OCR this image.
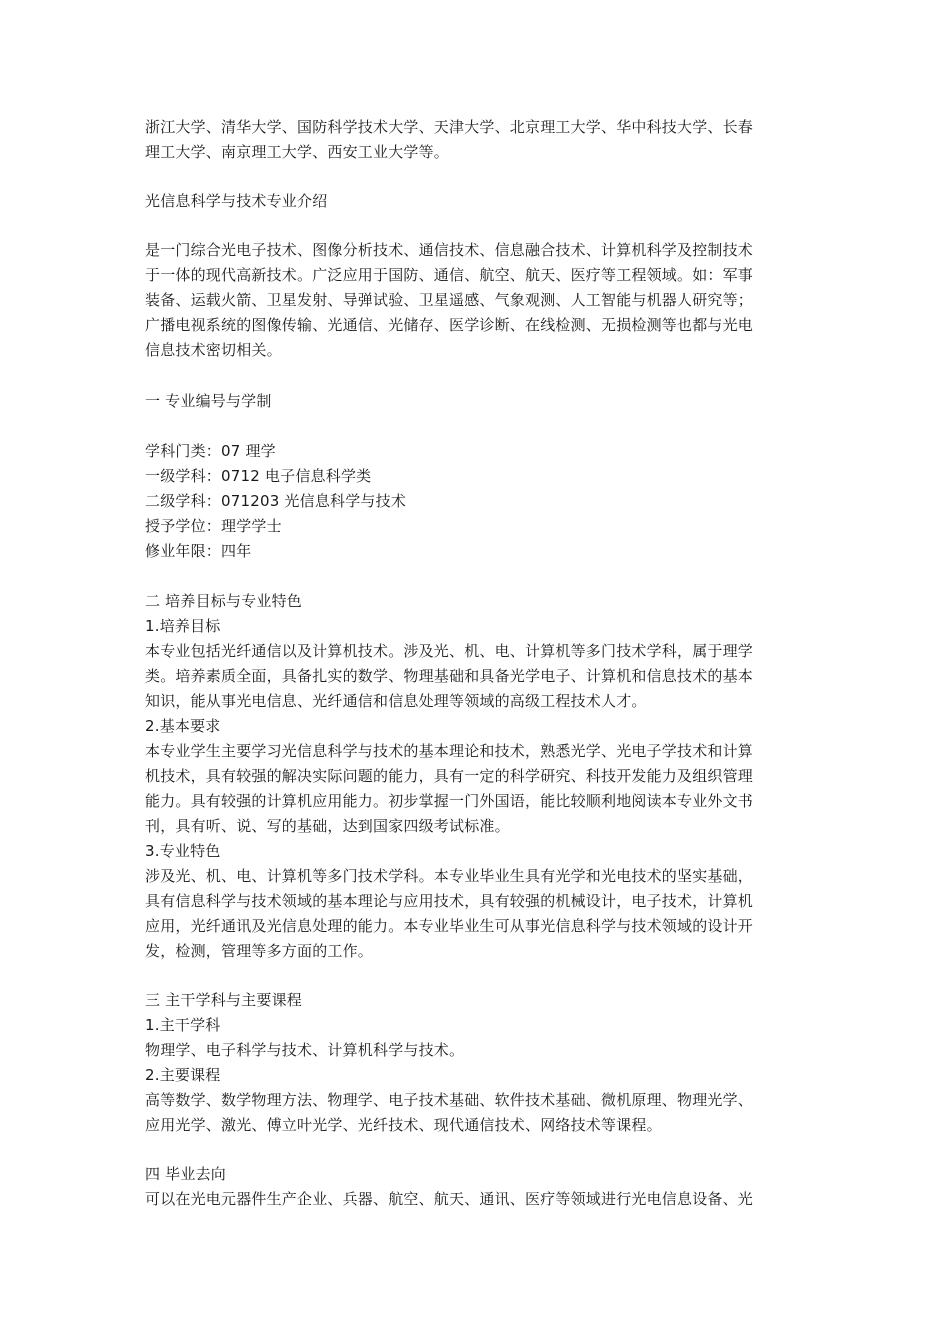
浙江大学、清华大学、国防科学技术大学、天津大学、北京理工大学、华中科技大学、长春
理工大学、南京理工大学、西安工业大学等。
光信息科学与技术专业介绍
是一门综合光电子技术、图像分析技术、通信技术、信息融合技术、计算机科学及控制技术
于一体的现代高新技术。广泛应用于国防、通信、航空、航天、医疗等工程领域。如：军事
装备、运载火箭、卫星发射、导弹试验、卫星遥感、气象观测、人工智能与机器人研究等；
广播电视系统的图像传输、光通信、光储存、医学诊断、在线检测、无损检测等也都与光电
信息技术密切相关。
一 专业编号与学制
学科门类：07 理学
一级学科：0712 电子信息科学类
二级学科：071203 光信息科学与技术
授予学位：理学学士
修业年限：四年
二 培养目标与专业特色
1.培养目标
本专业包括光纤通信以及计算机技术。涉及光、机、电、计算机等多门技术学科，属于理学
类。培养素质全面，具备扎实的数学、物理基础和具备光学电子、计算机和信息技术的基本
知识，能从事光电信息、光纤通信和信息处理等领域的高级工程技术人才。
2.基本要求
本专业学生主要学习光信息科学与技术的基本理论和技术，熟悉光学、光电子学技术和计算
机技术，具有较强的解决实际问题的能力，具有一定的科学研究、科技开发能力及组织管理
能力。具有较强的计算机应用能力。初步掌握一门外国语，能比较顺利地阅读本专业外文书
刊，具有听、说、写的基础，达到国家四级考试标准。
3.专业特色
涉及光、机、电、计算机等多门技术学科。本专业毕业生具有光学和光电技术的坚实基础，
具有信息科学与技术领域的基本理论与应用技术，具有较强的机械设计，电子技术，计算机
应用，光纤通讯及光信息处理的能力。本专业毕业生可从事光信息科学与技术领域的设计开
发，检测，管理等多方面的工作。
三 主干学科与主要课程
1.主干学科
物理学、电子科学与技术、计算机科学与技术。
2.主要课程
高等数学、数学物理方法、物理学、电子技术基础、软件技术基础、微机原理、物理光学、
应用光学、激光、傅立叶光学、光纤技术、现代通信技术、网络技术等课程。
四 毕业去向
可以在光电元器件生产企业、兵器、航空、航天、通讯、医疗等领域进行光电信息设备、光
